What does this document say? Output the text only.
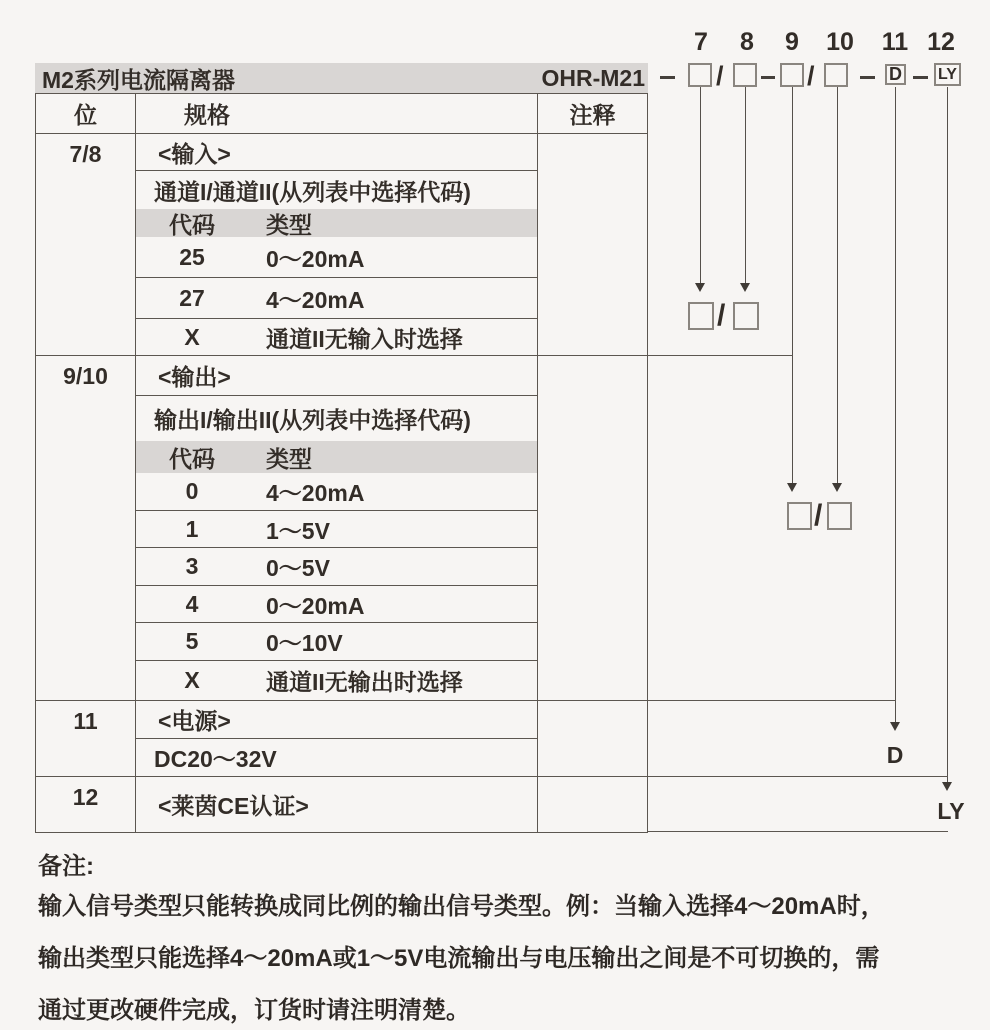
7	8	9	10 11 12
/	/	D LY
/
/
D
LY
M2系列电流隔离器	OHR-M21
位	规格	注释
7/8	<输入>
通道I/通道II(从列表中选择代码)
代码	类型
25	0～20mA
27	4～20mA
X	通道II无输入时选择
9/10	<输出>
输出I/输出II(从列表中选择代码)
代码	类型
0	4～20mA
1	1～5V
3	0～5V
4	0～20mA
5	0～10V
X	通道II无输出时选择
11	<电源>
DC20～32V
12	<莱茵CE认证>
备注:
输入信号类型只能转换成同比例的输出信号类型。例：当输入选择4～20mA时，
输出类型只能选择4～20mA或1～5V电流输出与电压输出之间是不可切换的，需
通过更改硬件完成，订货时请注明清楚。
